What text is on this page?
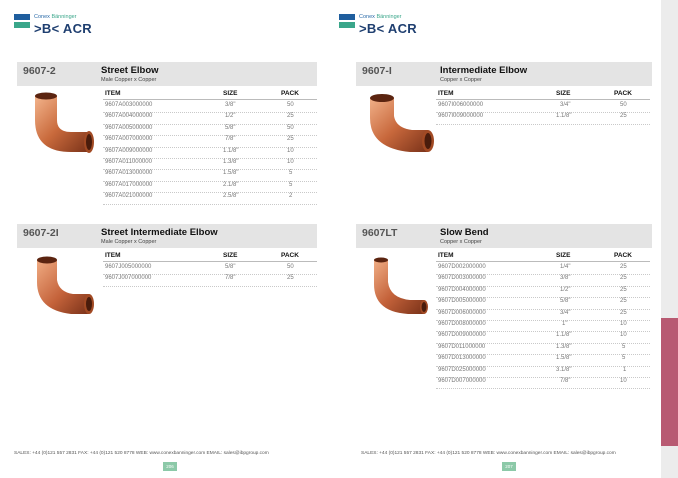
Conex Bänninger
>B< ACR
9607-2	Street Elbow
Male Copper x Copper
ITEM	SIZE	PACK
9607A003000000	3/8"	50
9607A004000000	1/2"	25
9607A005000000	5/8"	50
9607A007000000	7/8"	25
9607A009000000	1.1/8"	10
9607A011000000	1.3/8"	10
9607A013000000	1.5/8"	5
9607A017000000	2.1/8"	5
9607A021000000	2.5/8"	2
9607-2I	Street Intermediate Elbow
Male Copper x Copper
ITEM	SIZE	PACK
9607J005000000	5/8"	50
9607J007000000	7/8"	25
SALES: +44 (0)121 557 2831 FAX: +44 (0)121 520 8778 WEB: www.conexbanninger.com EMAIL: sales@ibpgroup.com
206
Conex Bänninger
>B< ACR
9607-I	Intermediate Elbow
Copper x Copper
ITEM	SIZE	PACK
9607I006000000	3/4"	50
9607I009000000	1.1/8"	25
9607LT	Slow Bend
Copper x Copper
ITEM	SIZE	PACK
9607D002000000	1/4"	25
9607D003000000	3/8"	25
9607D004000000	1/2"	25
9607D005000000	5/8"	25
9607D006000000	3/4"	25
9607D008000000	1"	10
9607D009000000	1.1/8"	10
9607D011000000	1.3/8"	5
9607D013000000	1.5/8"	5
9607D025000000	3.1/8"	1
9607D007000000	7/8"	10
SALES: +44 (0)121 557 2831 FAX: +44 (0)121 520 8778 WEB: www.conexbanninger.com EMAIL: sales@ibpgroup.com
207
